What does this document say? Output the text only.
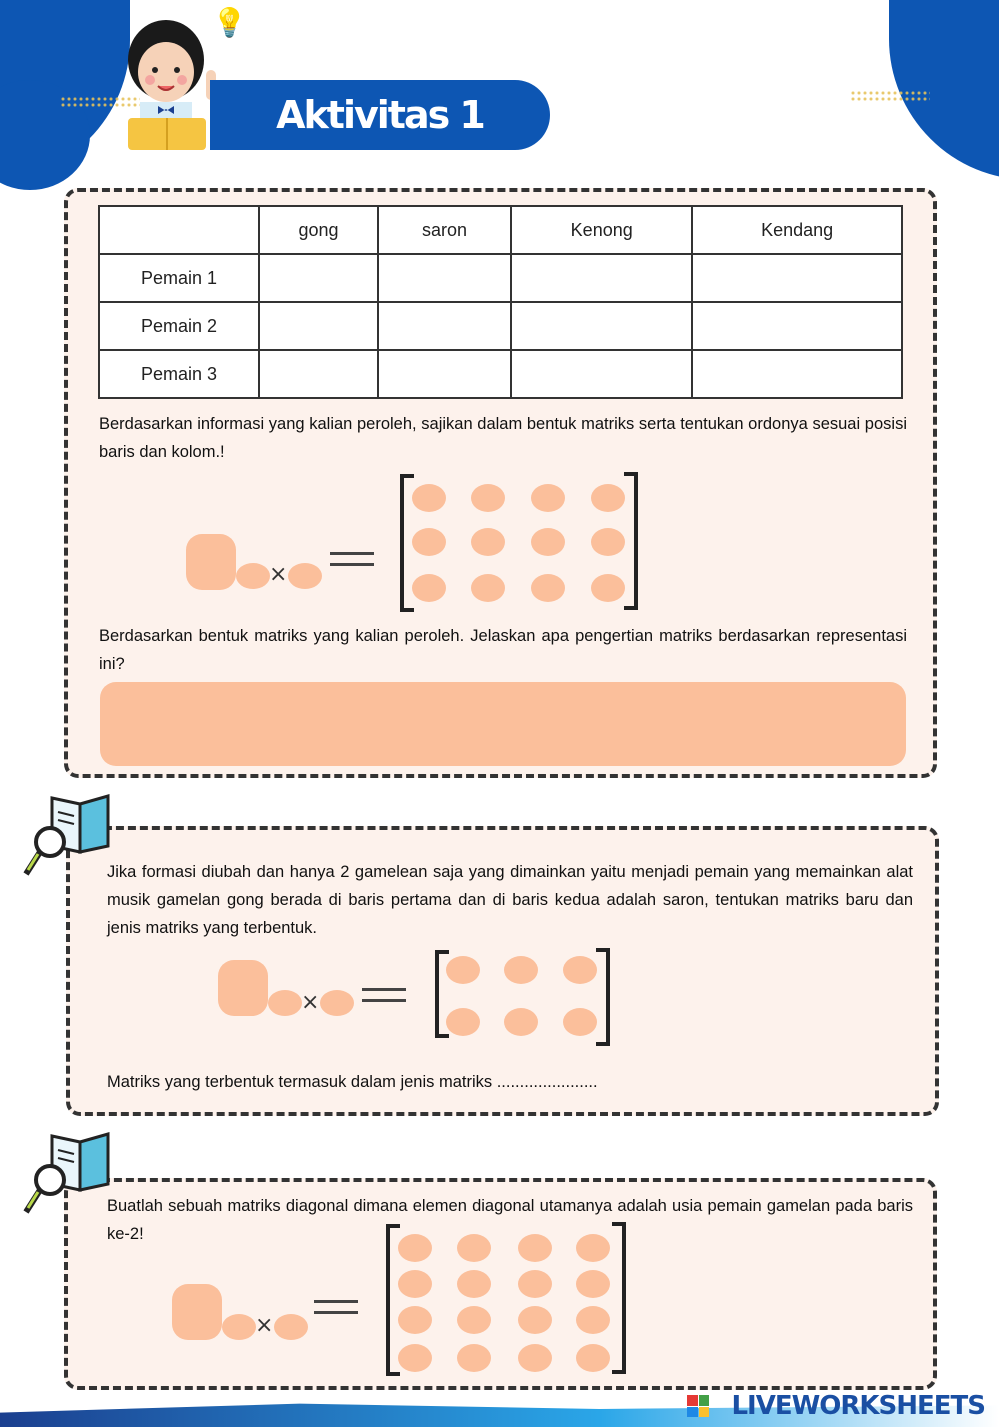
💡
Aktivitas 1
	gong	saron	Kenong	Kendang
Pemain 1				
Pemain 2				
Pemain 3				

Berdasarkan informasi yang kalian peroleh, sajikan dalam bentuk matriks serta tentukan ordonya sesuai posisi baris dan kolom.!

×

Berdasarkan bentuk matriks yang kalian peroleh. Jelaskan apa pengertian matriks berdasarkan representasi ini?

Jika formasi diubah dan hanya 2 gamelean saja yang dimainkan yaitu menjadi pemain yang memainkan alat musik gamelan gong berada di baris pertama dan di baris kedua adalah saron, tentukan matriks baru dan jenis matriks yang terbentuk.

×

Matriks yang terbentuk termasuk dalam jenis matriks ......................

Buatlah sebuah matriks diagonal dimana elemen diagonal utamanya adalah usia pemain gamelan pada baris ke-2!

×
LIVEWORKSHEETS
